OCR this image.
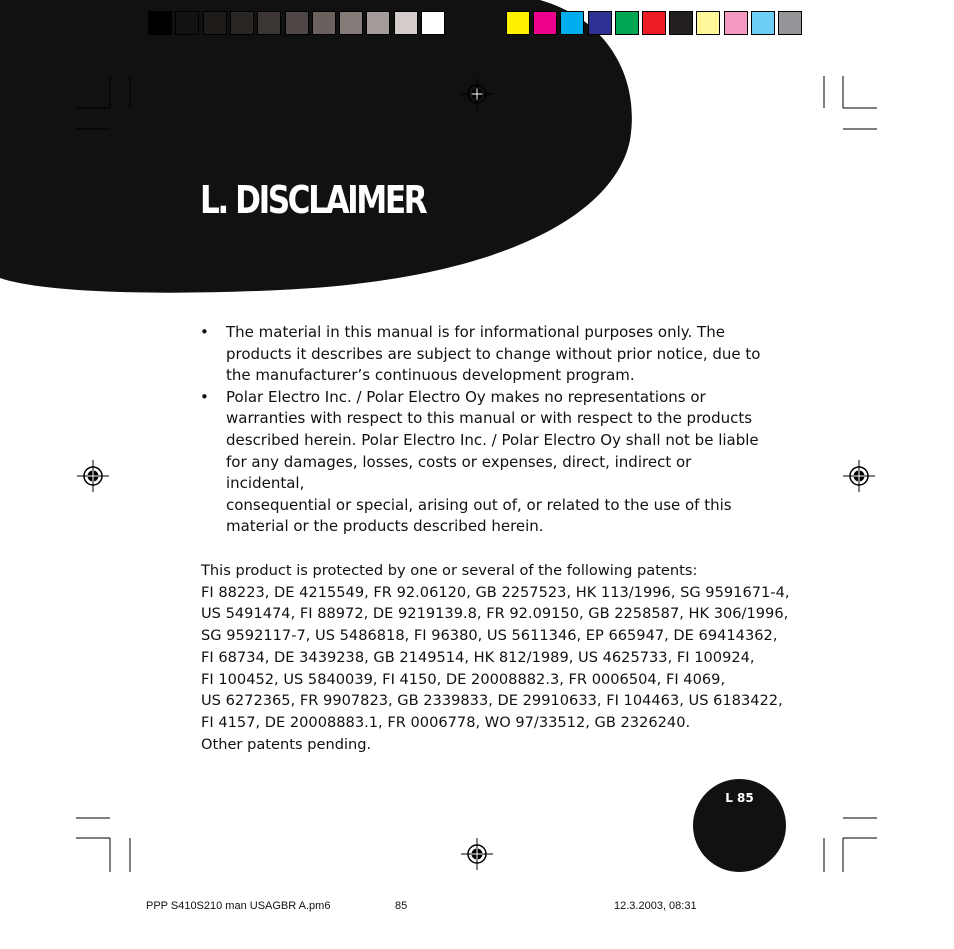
L. DISCLAIMER
• The material in this manual is for informational purposes only. The
products it describes are subject to change without prior notice, due to
the manufacturer’s continuous development program.
• Polar Electro Inc. / Polar Electro Oy makes no representations or
warranties with respect to this manual or with respect to the products
described herein. Polar Electro Inc. / Polar Electro Oy shall not be liable
for any damages, losses, costs or expenses, direct, indirect or incidental,
consequential or special, arising out of, or related to the use of this
material or the products described herein.
This product is protected by one or several of the following patents:
FI 88223, DE 4215549, FR 92.06120, GB 2257523, HK 113/1996, SG 9591671-4,
US 5491474, FI 88972, DE 9219139.8, FR 92.09150, GB 2258587, HK 306/1996,
SG 9592117-7, US 5486818, FI 96380, US 5611346, EP 665947, DE 69414362,
FI 68734, DE 3439238, GB 2149514, HK 812/1989, US 4625733, FI 100924,
FI 100452, US 5840039, FI 4150, DE 20008882.3, FR 0006504, FI 4069,
US 6272365, FR 9907823, GB 2339833, DE 29910633, FI 104463, US 6183422,
FI 4157, DE 20008883.1, FR 0006778, WO 97/33512, GB 2326240.
Other patents pending.
L 85
PPP S410S210 man USAGBR A.pm6	85	12.3.2003, 08:31
